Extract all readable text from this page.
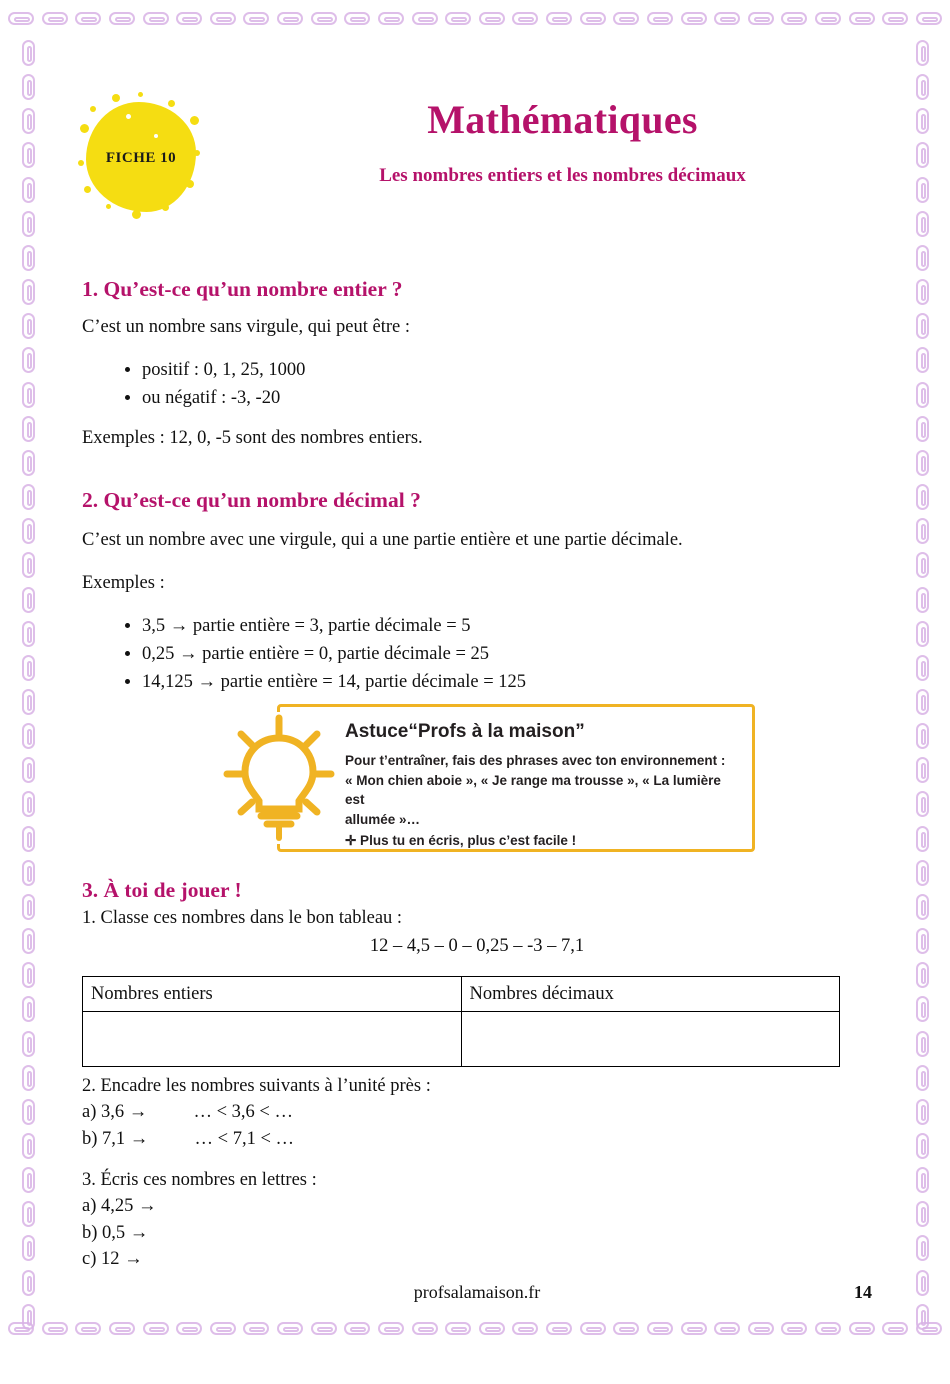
FICHE 10
Mathématiques
Les nombres entiers et les nombres décimaux
1. Qu’est-ce qu’un nombre entier ?

C’est un nombre sans virgule, qui peut être :

• positif : 0, 1, 25, 1000
• ou négatif : -3, -20

Exemples : 12, 0, -5 sont des nombres entiers.

2. Qu’est-ce qu’un nombre décimal ?

C’est un nombre avec une virgule, qui a une partie entière et une partie décimale.

Exemples :

• 3,5 → partie entière = 3, partie décimale = 5
• 0,25 → partie entière = 0, partie décimale = 25
• 14,125 → partie entière = 14, partie décimale = 125
Astuce“Profs à la maison”

Pour t’entraîner, fais des phrases avec ton environnement :

« Mon chien aboie », « Je range ma trousse », « La lumière est

allumée »…

✛ Plus tu en écris, plus c’est facile !
3. À toi de jouer !
1. Classe ces nombres dans le bon tableau :
12 – 4,5 – 0 – 0,25 – -3 – 7,1
Nombres entiers	Nombres décimaux

2. Encadre les nombres suivants à l’unité près :
a) 3,6 →          … < 3,6 < …
b) 7,1 →          … < 7,1 < …
3. Écris ces nombres en lettres :
a) 4,25 →
b) 0,5 →
c) 12 →
profsalamaison.fr	14
